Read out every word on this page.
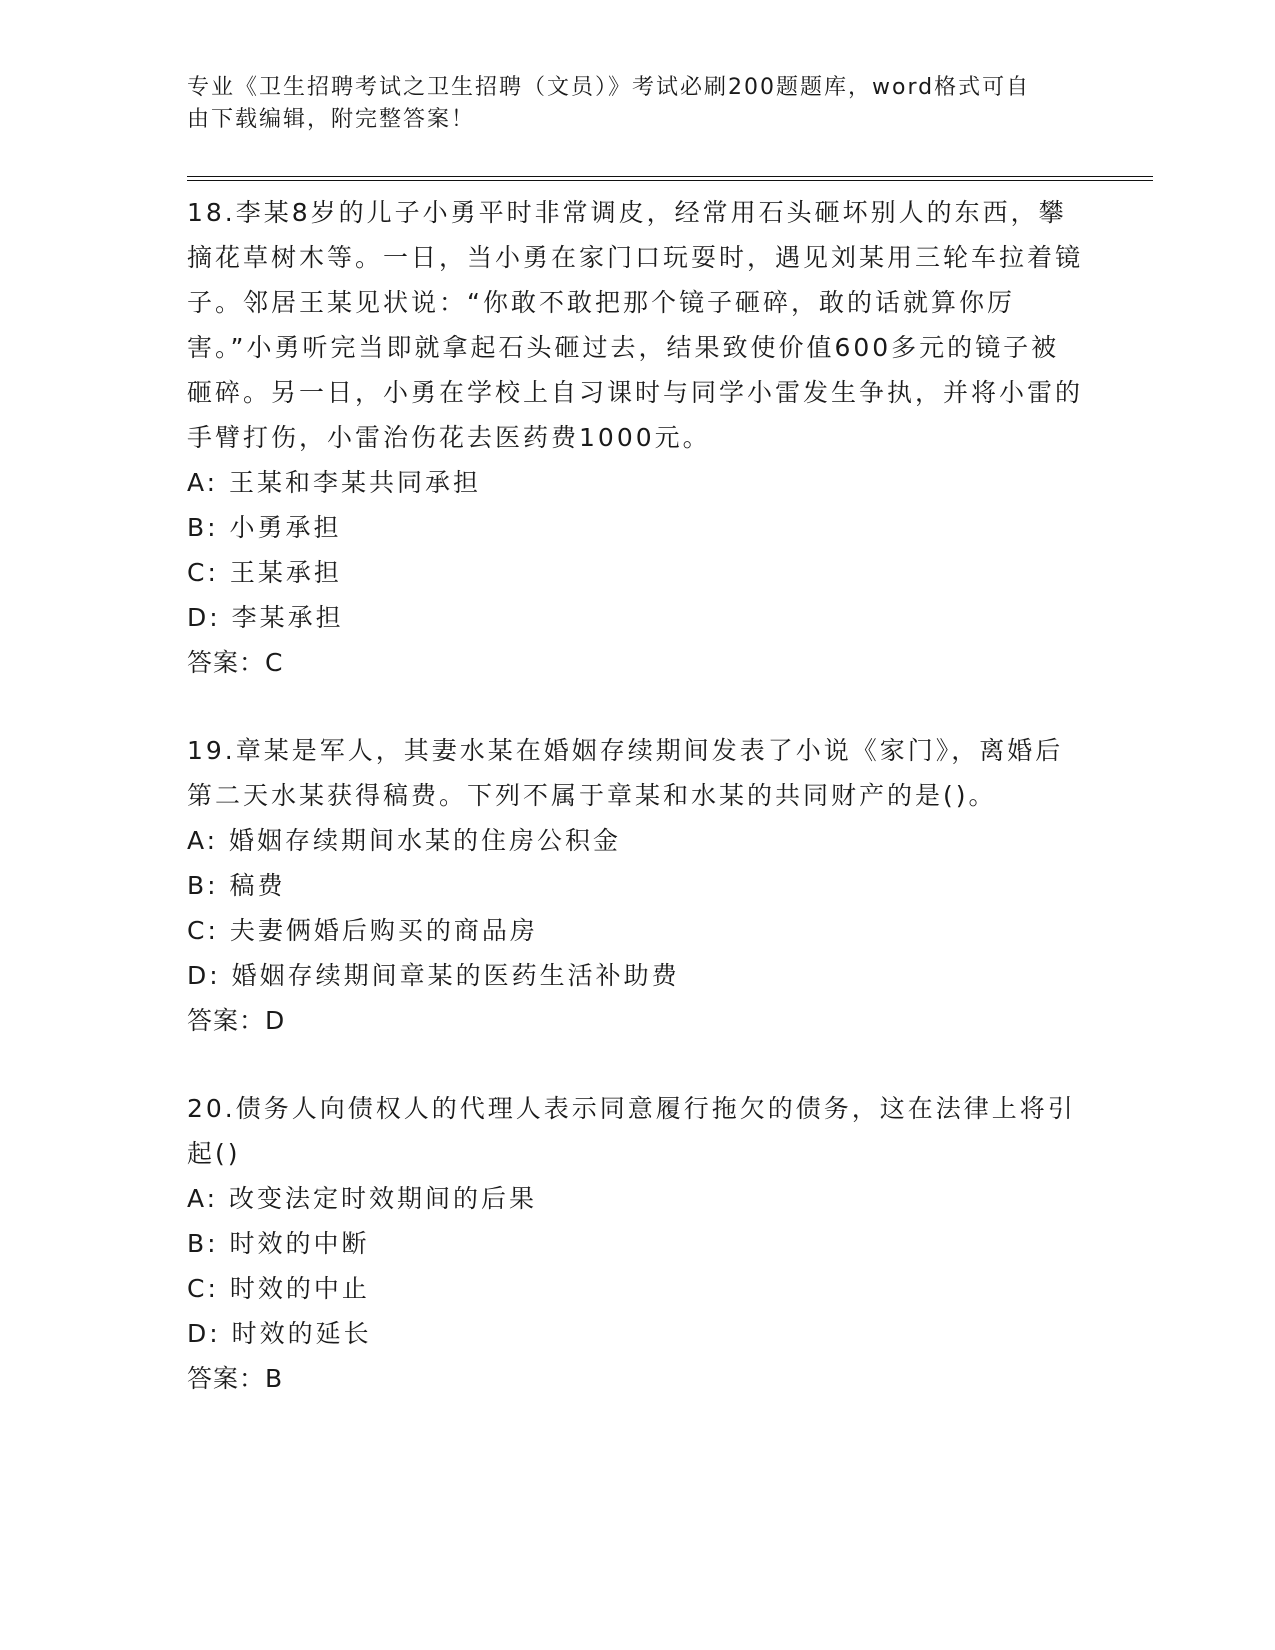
专业《卫生招聘考试之卫生招聘（文员）》考试必刷200题题库，word格式可自
由下载编辑，附完整答案！

18.李某8岁的儿子小勇平时非常调皮，经常用石头砸坏别人的东西，攀摘花草树木等。一日，当小勇在家门口玩耍时，遇见刘某用三轮车拉着镜子。邻居王某见状说：“你敢不敢把那个镜子砸碎，敢的话就算你厉害。”小勇听完当即就拿起石头砸过去，结果致使价值600多元的镜子被砸碎。另一日，小勇在学校上自习课时与同学小雷发生争执，并将小雷的手臂打伤，小雷治伤花去医药费1000元。

A: 王某和李某共同承担

B: 小勇承担

C: 王某承担

D: 李某承担

答案：C

19.章某是军人，其妻水某在婚姻存续期间发表了小说《家门》，离婚后第二天水某获得稿费。下列不属于章某和水某的共同财产的是()。

A: 婚姻存续期间水某的住房公积金

B: 稿费

C: 夫妻俩婚后购买的商品房

D: 婚姻存续期间章某的医药生活补助费

答案：D

20.债务人向债权人的代理人表示同意履行拖欠的债务，这在法律上将引起()

A: 改变法定时效期间的后果

B: 时效的中断

C: 时效的中止

D: 时效的延长

答案：B
